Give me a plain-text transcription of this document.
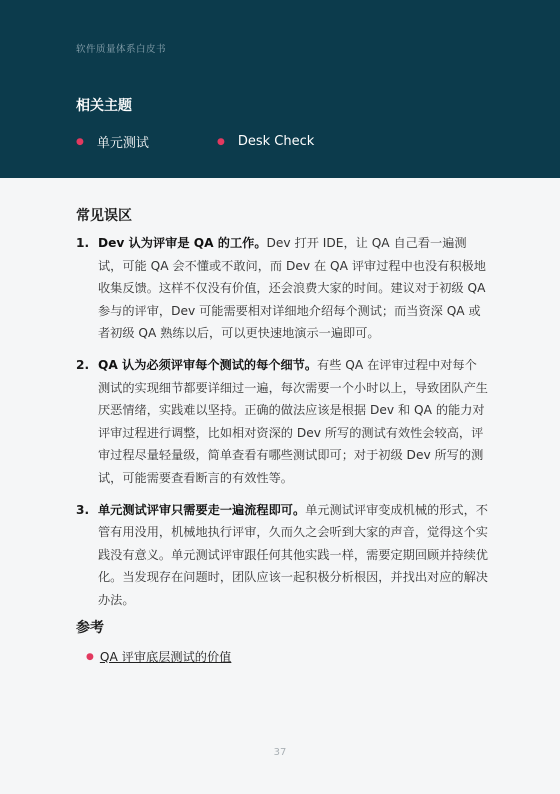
软件质量体系白皮书
相关主题
● 单元测试	● Desk Check
常见误区
1. Dev 认为评审是 QA 的工作。Dev 打开 IDE，让 QA 自己看一遍测试，可能 QA 会不懂或不敢问，而 Dev 在 QA 评审过程中也没有积极地收集反馈。这样不仅没有价值，还会浪费大家的时间。建议对于初级 QA 参与的评审，Dev 可能需要相对详细地介绍每个测试；而当资深 QA 或者初级 QA 熟练以后，可以更快速地演示一遍即可。
2. QA 认为必须评审每个测试的每个细节。有些 QA 在评审过程中对每个测试的实现细节都要详细过一遍，每次需要一个小时以上，导致团队产生厌恶情绪，实践难以坚持。正确的做法应该是根据 Dev 和 QA 的能力对评审过程进行调整，比如相对资深的 Dev 所写的测试有效性会较高，评审过程尽量轻量级，简单查看有哪些测试即可；对于初级 Dev 所写的测试，可能需要查看断言的有效性等。
3. 单元测试评审只需要走一遍流程即可。单元测试评审变成机械的形式，不管有用没用，机械地执行评审，久而久之会听到大家的声音，觉得这个实践没有意义。单元测试评审跟任何其他实践一样，需要定期回顾并持续优化。当发现存在问题时，团队应该一起积极分析根因，并找出对应的解决办法。
参考
● QA 评审底层测试的价值
37
